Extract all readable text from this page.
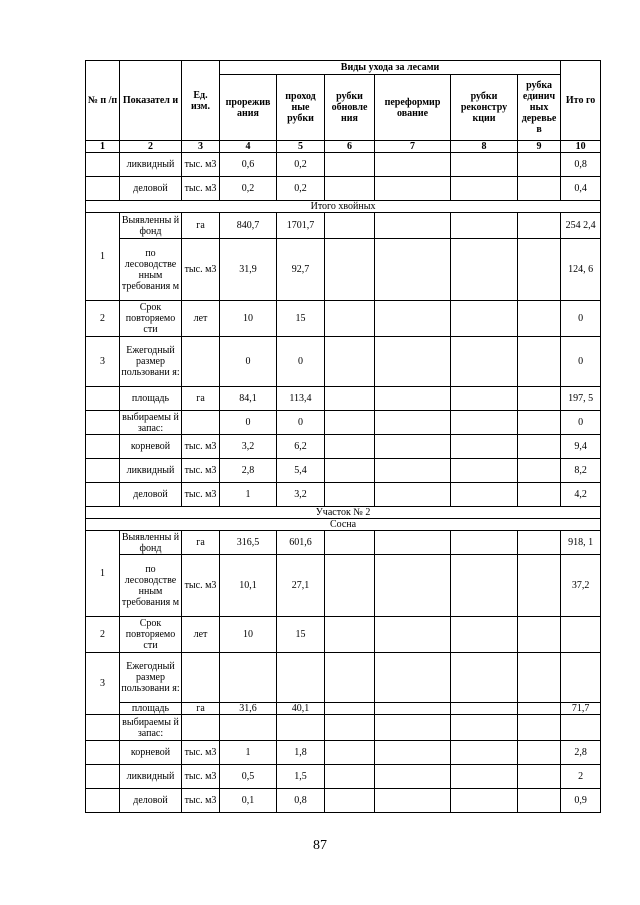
№ п /п	Показател и	Ед. изм.	Виды ухода за лесами						Ито го
			прорежив ания	проход ные рубки	рубки обновле ния	переформир ование	рубки реконстру кции	рубка единич ных деревье в	
1	2	3	4	5	6	7	8	9	10
	ликвидный	тыс. м3	0,6	0,2					0,8
	деловой	тыс. м3	0,2	0,2					0,4
Итого хвойных									
1	Выявленны й фонд	га	840,7	1701,7					254 2,4
	по лесоводстве нным требования м	тыс. м3	31,9	92,7					124, 6
2	Срок повторяемо сти	лет	10	15					0
3	Ежегодный размер пользовани я:		0	0					0
	площадь	га	84,1	113,4					197, 5
	выбираемы й запас:		0	0					0
	корневой	тыс. м3	3,2	6,2					9,4
	ликвидный	тыс. м3	2,8	5,4					8,2
	деловой	тыс. м3	1	3,2					4,2
Участок № 2									
Сосна									
1	Выявленны й фонд	га	316,5	601,6					918, 1
	по лесоводстве нным требования м	тыс. м3	10,1	27,1					37,2
2	Срок повторяемо сти	лет	10	15					
3	Ежегодный размер пользовани я:								
	площадь	га	31,6	40,1					71,7
	выбираемы й запас:								
	корневой	тыс. м3	1	1,8					2,8
	ликвидный	тыс. м3	0,5	1,5					2
	деловой	тыс. м3	0,1	0,8					0,9
87
